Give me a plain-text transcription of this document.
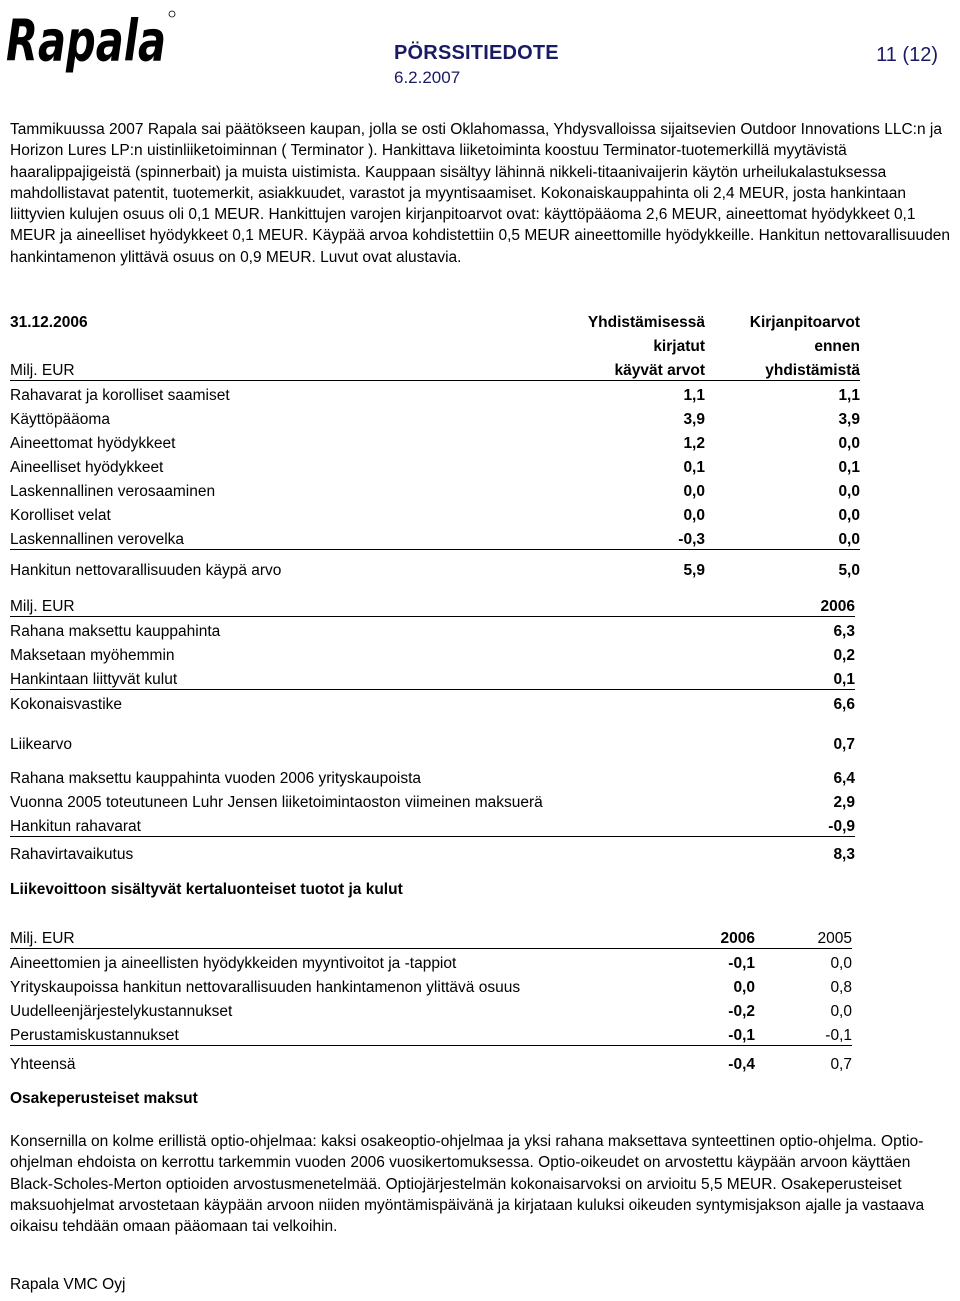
Rapala	PÖRSSITIEDOTE
6.2.2007
11 (12)
Tammikuussa 2007 Rapala sai päätökseen kaupan, jolla se osti Oklahomassa, Yhdysvalloissa sijaitsevien Outdoor Innovations LLC:n ja Horizon Lures LP:n uistinliiketoiminnan ( Terminator ). Hankittava liiketoiminta koostuu Terminator-tuotemerkillä myytävistä haaralippajigeistä (spinnerbait) ja muista uistimista. Kauppaan sisältyy lähinnä nikkeli-titaanivaijerin käytön urheilukalastuksessa mahdollistavat patentit, tuotemerkit, asiakkuudet, varastot ja myyntisaamiset. Kokonaiskauppahinta oli 2,4 MEUR, josta hankintaan liittyvien kulujen osuus oli 0,1 MEUR. Hankittujen varojen kirjanpitoarvot ovat: käyttöpääoma 2,6 MEUR, aineettomat hyödykkeet 0,1 MEUR ja aineelliset hyödykkeet 0,1 MEUR. Käypää arvoa kohdistettiin 0,5 MEUR aineettomille hyödykkeille. Hankitun nettovarallisuuden hankintamenon ylittävä osuus on 0,9 MEUR. Luvut ovat alustavia.
31.12.2006	Yhdistämisessä	Kirjanpitoarvot
	kirjatut	ennen
Milj. EUR	käyvät arvot	yhdistämistä
Rahavarat ja korolliset saamiset	1,1	1,1
Käyttöpääoma	3,9	3,9
Aineettomat hyödykkeet	1,2	0,0
Aineelliset hyödykkeet	0,1	0,1
Laskennallinen verosaaminen	0,0	0,0
Korolliset velat	0,0	0,0
Laskennallinen verovelka	-0,3	0,0
Hankitun nettovarallisuuden käypä arvo	5,9	5,0
Milj. EUR	2006
Rahana maksettu kauppahinta	6,3
Maksetaan myöhemmin	0,2
Hankintaan liittyvät kulut	0,1
Kokonaisvastike	6,6
Liikearvo	0,7
Rahana maksettu kauppahinta vuoden 2006 yrityskaupoista	6,4
Vuonna 2005 toteutuneen Luhr Jensen liiketoimintaoston viimeinen maksuerä	2,9
Hankitun rahavarat	-0,9
Rahavirtavaikutus	8,3
Liikevoittoon sisältyvät kertaluonteiset tuotot ja kulut
Milj. EUR	2006	2005
Aineettomien ja aineellisten hyödykkeiden myyntivoitot ja -tappiot	-0,1	0,0
Yrityskaupoissa hankitun nettovarallisuuden hankintamenon ylittävä osuus	0,0	0,8
Uudelleenjärjestelykustannukset	-0,2	0,0
Perustamiskustannukset	-0,1	-0,1
Yhteensä	-0,4	0,7
Osakeperusteiset maksut
Konsernilla on kolme erillistä optio-ohjelmaa: kaksi osakeoptio-ohjelmaa ja yksi rahana maksettava synteettinen optio-ohjelma. Optio-ohjelman ehdoista on kerrottu tarkemmin vuoden 2006 vuosikertomuksessa. Optio-oikeudet on arvostettu käypään arvoon käyttäen Black-Scholes-Merton optioiden arvostusmenetelmää. Optiojärjestelmän kokonaisarvoksi on arvioitu 5,5 MEUR. Osakeperusteiset maksuohjelmat arvostetaan käypään arvoon niiden myöntämispäivänä ja kirjataan kuluksi oikeuden syntymisjakson ajalle ja vastaava oikaisu tehdään omaan pääomaan tai velkoihin.
Rapala VMC Oyj
